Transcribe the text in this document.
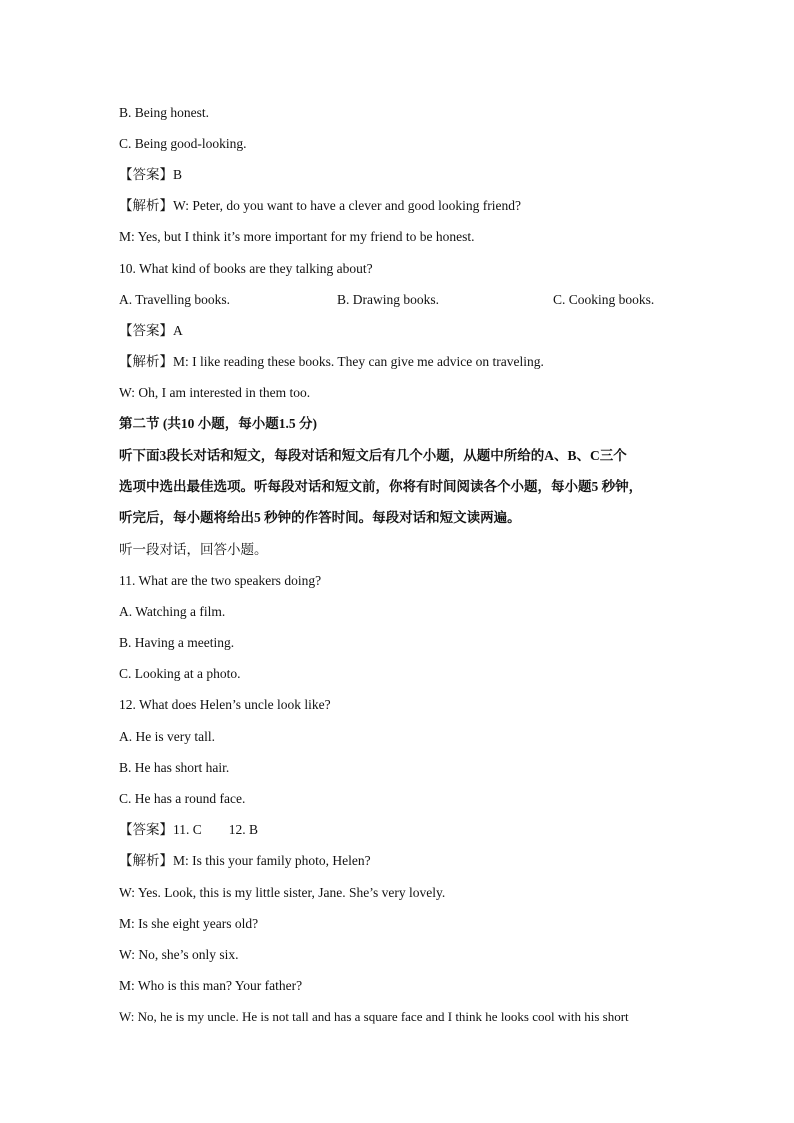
B. Being honest.
C. Being good-looking.
【答案】B
【解析】W: Peter, do you want to have a clever and good looking friend?
M: Yes, but I think it’s more important for my friend to be honest.
10. What kind of books are they talking about?
A. Travelling books.	B. Drawing books.	C. Cooking books.
【答案】A
【解析】M: I like reading these books. They can give me advice on traveling.
W: Oh, I am interested in them too.
第二节 (共10 小题，每小题1.5 分)
听下面3段长对话和短文，每段对话和短文后有几个小题，从题中所给的A、B、C三个
选项中选出最佳选项。听每段对话和短文前，你将有时间阅读各个小题，每小题5 秒钟，
听完后，每小题将给出5 秒钟的作答时间。每段对话和短文读两遍。
听一段对话，回答小题。
11. What are the two speakers doing?
A. Watching a film.
B. Having a meeting.
C. Looking at a photo.
12. What does Helen’s uncle look like?
A. He is very tall.
B. He has short hair.
C. He has a round face.
【答案】11. C        12. B
【解析】M: Is this your family photo, Helen?
W: Yes. Look, this is my little sister, Jane. She’s very lovely.
M: Is she eight years old?
W: No, she’s only six.
M: Who is this man? Your father?
W: No, he is my uncle. He is not tall and has a square face and I think he looks cool with his short
